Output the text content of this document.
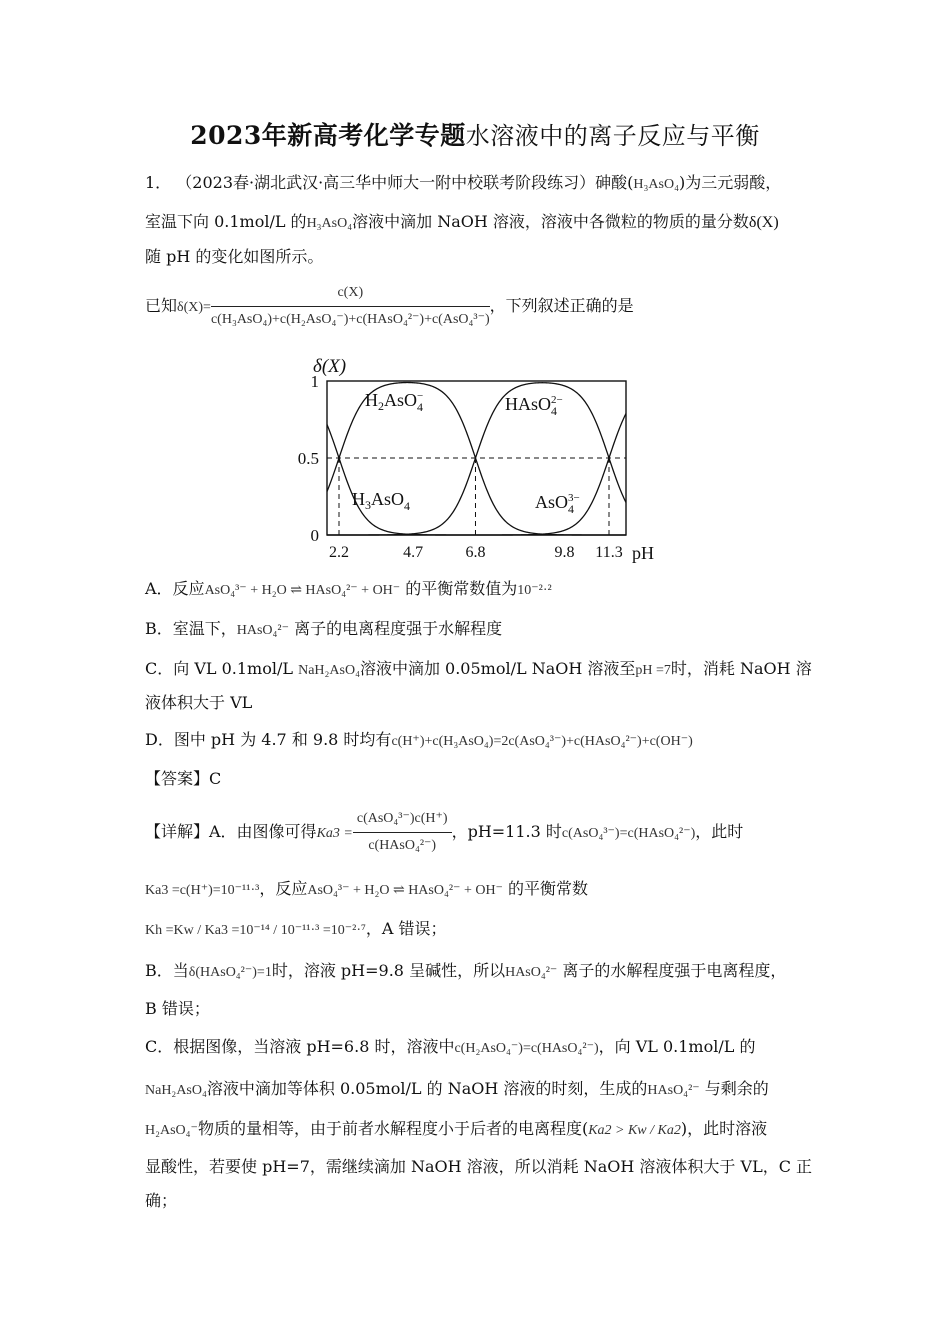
2023年新高考化学专题水溶液中的离子反应与平衡
1． （2023春·湖北武汉·高三华中师大一附中校联考阶段练习）砷酸(H₃AsO₄)为三元弱酸，
室温下向 0.1mol/L 的H₃AsO₄溶液中滴加 NaOH 溶液，溶液中各微粒的物质的量分数δ(X)
随 pH 的变化如图所示。
已知$\delta(X)= \frac{c(X)}{\text{c(H₃AsO₄)+c(H₂AsO₄⁻)+c(HAsO₄²⁻)+c(AsO₄³⁻)}}$ ，下列叙述正确的是
δ(X)
pH
1
0.5
0
2.2	4.7	6.8	9.8 11.3
$H_2AsO_4-$	HAsO$_4$2−
$H_3AsO_4$	AsO$_4$3−
A．反应AsO₄³⁻ + H₂O ⇌ HAsO₄²⁻ + OH⁻ 的平衡常数值为10⁻²·²
B．室温下，HAsO₄²⁻ 离子的电离程度强于水解程度
C．向 VL 0.1mol/L NaH₂AsO₄溶液中滴加 0.05mol/L NaOH 溶液至pH =7时，消耗 NaOH 溶
液体积大于 VL
D．图中 pH 为 4.7 和 9.8 时均有c(H⁺)+c(H₃AsO₄)=2c(AsO₄³⁻)+c(HAsO₄²⁻)+c(OH⁻)
【答案】C
【详解】A．由图像可得$Ka3 = \frac{\text{c(AsO₄³⁻)c(H⁺)}}{\text{c(HAsO₄²⁻)}}$ ，pH=11.3 时c(AsO₄³⁻)=c(HAsO₄²⁻)，此时
Ka3 =c(H⁺)=10⁻¹¹·³，反应AsO₄³⁻ + H₂O ⇌ HAsO₄²⁻ + OH⁻ 的平衡常数
Kh =Kw / Ka3 =10⁻¹⁴ / 10⁻¹¹·³ =10⁻²·⁷，A 错误；
B．当δ(HAsO₄²⁻)=1时，溶液 pH=9.8 呈碱性，所以HAsO₄²⁻ 离子的水解程度强于电离程度，
B 错误；
C．根据图像，当溶液 pH=6.8 时，溶液中c(H₂AsO₄⁻)=c(HAsO₄²⁻)，向 VL 0.1mol/L 的
NaH₂AsO₄溶液中滴加等体积 0.05mol/L 的 NaOH 溶液的时刻，生成的HAsO₄²⁻ 与剩余的
H₂AsO₄⁻物质的量相等，由于前者水解程度小于后者的电离程度(Ka2 > Kw / Ka2)，此时溶液
显酸性，若要使 pH=7，需继续滴加 NaOH 溶液，所以消耗 NaOH 溶液体积大于 VL，C 正
确；
